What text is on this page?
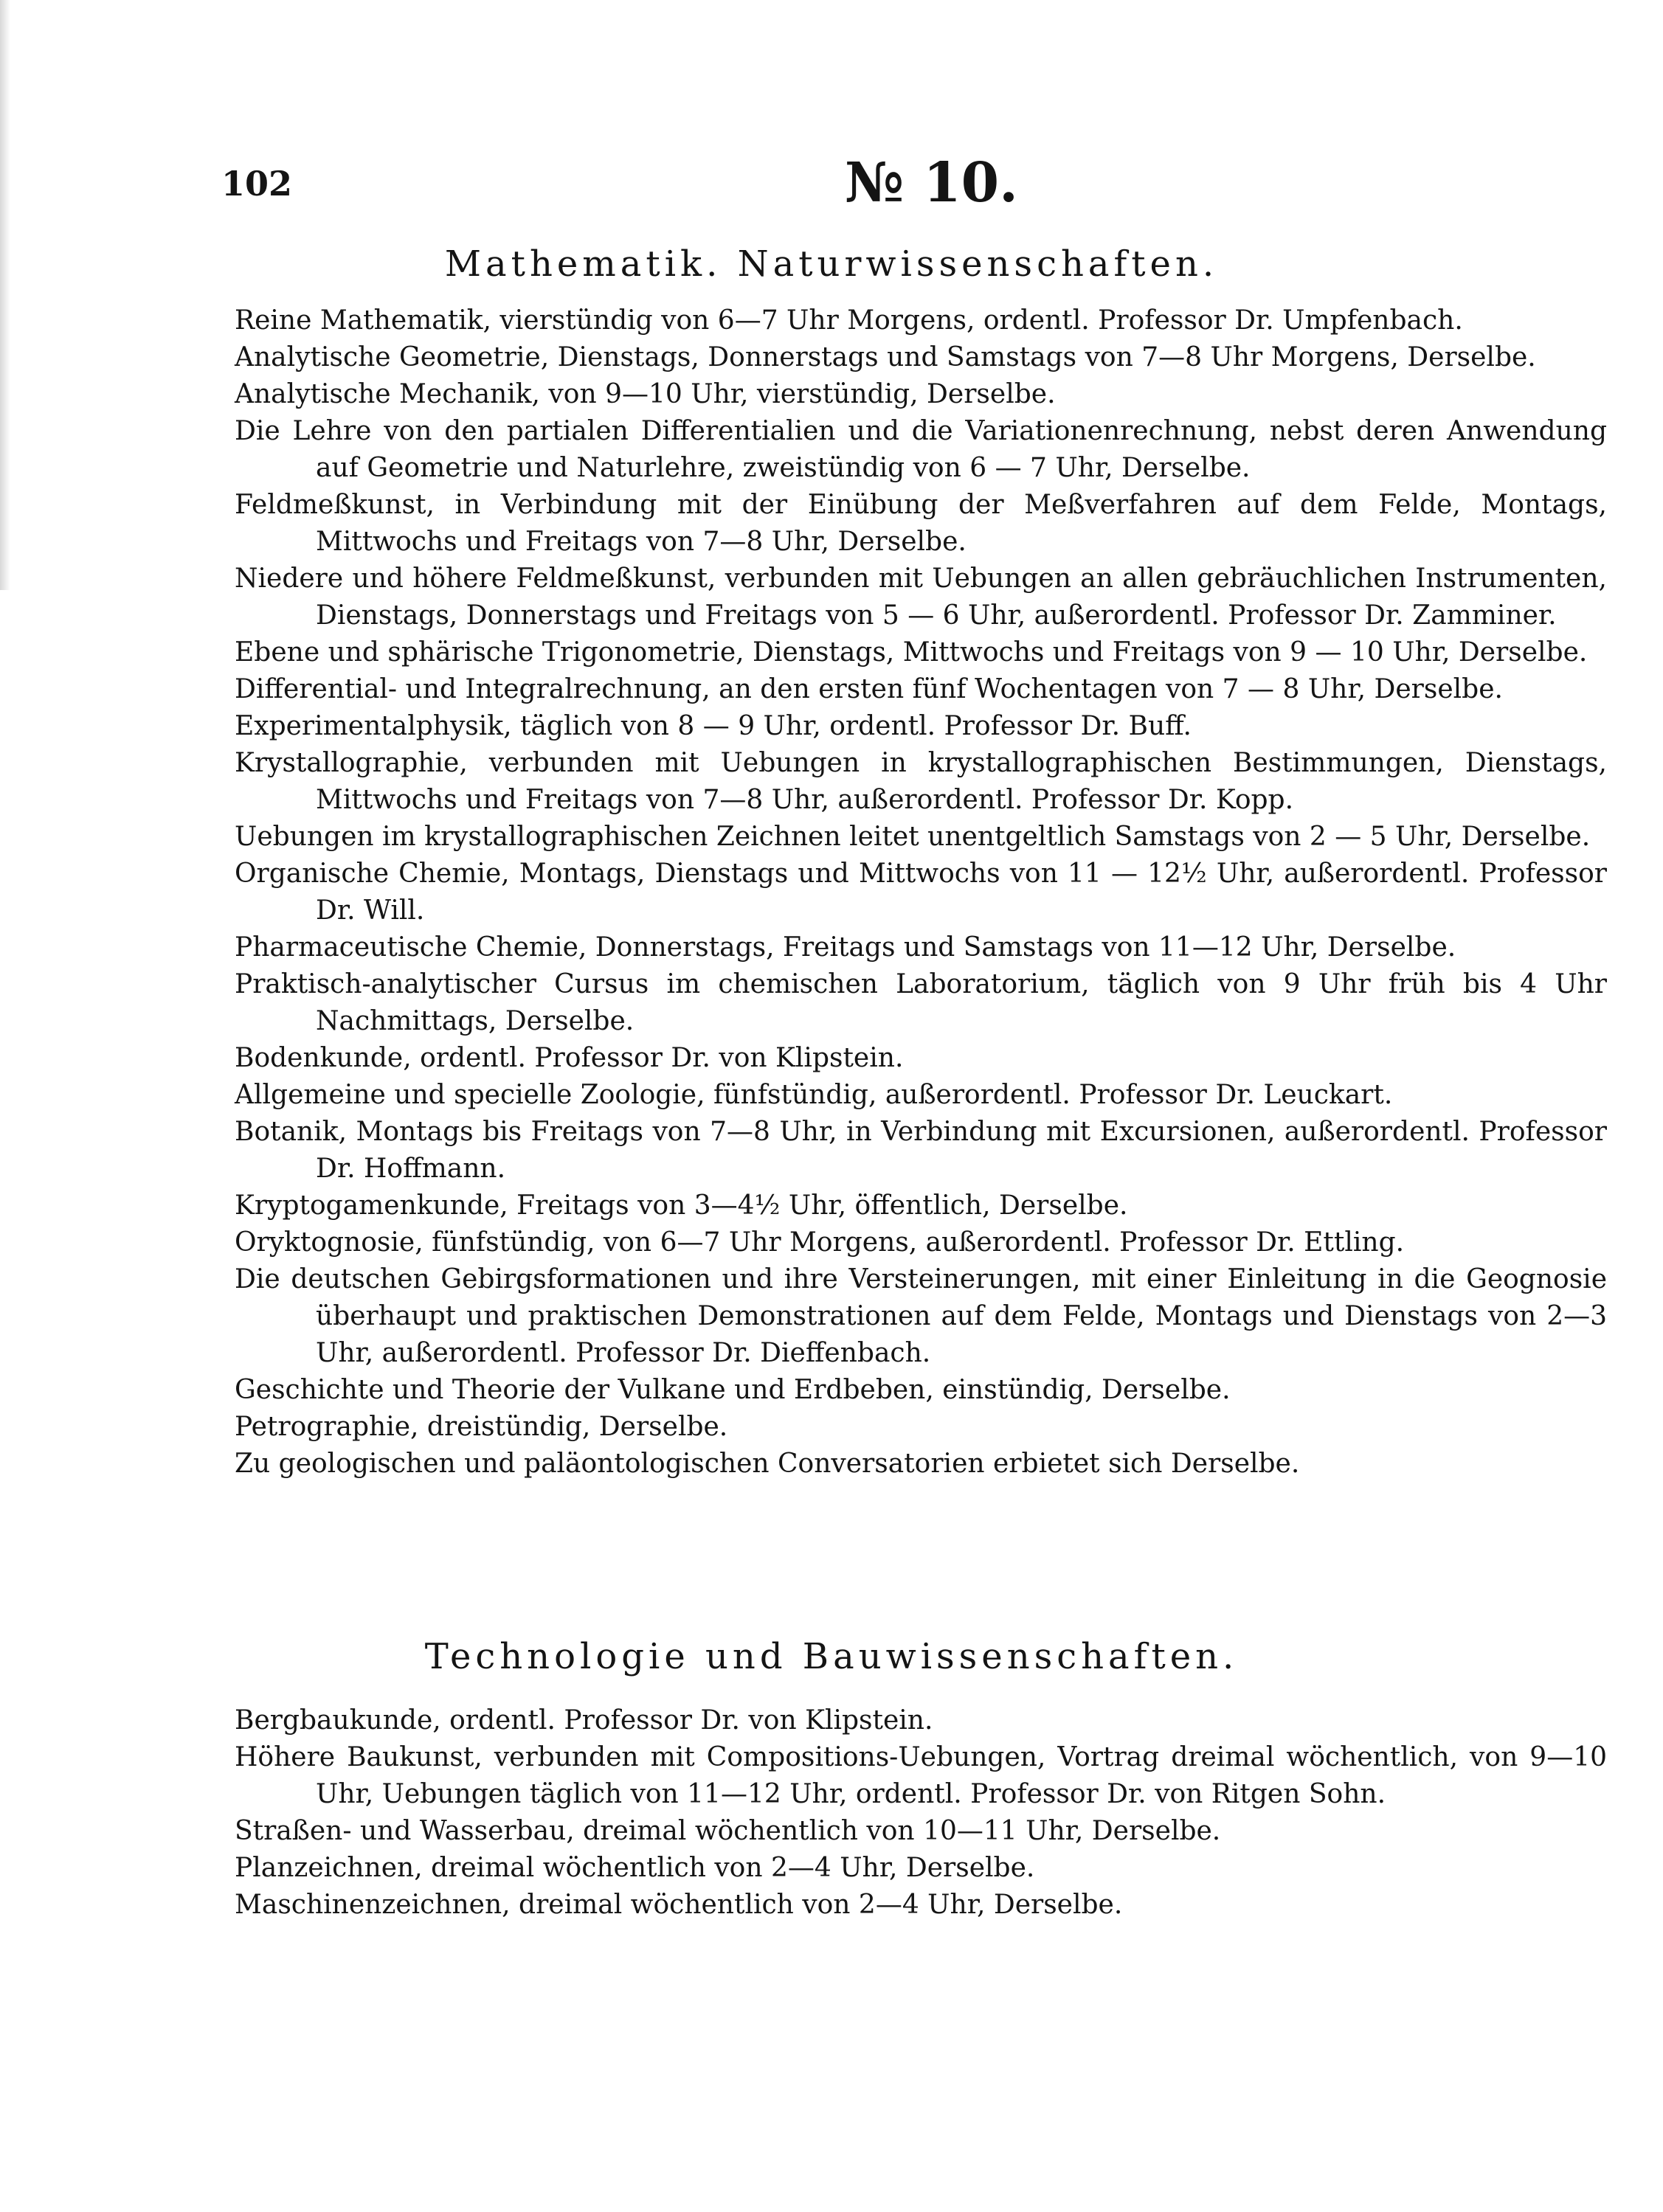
102	№ 10.
Mathematik. Naturwissenschaften.
Reine Mathematik, vierstündig von 6—7 Uhr Morgens, ordentl. Professor Dr. Umpfenbach.
Analytische Geometrie, Dienstags, Donnerstags und Samstags von 7—8 Uhr Morgens, Derselbe.
Analytische Mechanik, von 9—10 Uhr, vierstündig, Derselbe.
Die Lehre von den partialen Differentialien und die Variationenrechnung, nebst deren Anwendung auf Geometrie und Naturlehre, zweistündig von 6 — 7 Uhr, Derselbe.
Feldmeßkunst, in Verbindung mit der Einübung der Meßverfahren auf dem Felde, Montags, Mittwochs und Freitags von 7—8 Uhr, Derselbe.
Niedere und höhere Feldmeßkunst, verbunden mit Uebungen an allen gebräuchlichen Instrumenten, Dienstags, Donnerstags und Freitags von 5 — 6 Uhr, außerordentl. Professor Dr. Zamminer.
Ebene und sphärische Trigonometrie, Dienstags, Mittwochs und Freitags von 9 — 10 Uhr, Derselbe.
Differential- und Integralrechnung, an den ersten fünf Wochentagen von 7 — 8 Uhr, Derselbe.
Experimentalphysik, täglich von 8 — 9 Uhr, ordentl. Professor Dr. Buff.
Krystallographie, verbunden mit Uebungen in krystallographischen Bestimmungen, Dienstags, Mittwochs und Freitags von 7—8 Uhr, außerordentl. Professor Dr. Kopp.
Uebungen im krystallographischen Zeichnen leitet unentgeltlich Samstags von 2 — 5 Uhr, Derselbe.
Organische Chemie, Montags, Dienstags und Mittwochs von 11 — 12½ Uhr, außerordentl. Professor Dr. Will.
Pharmaceutische Chemie, Donnerstags, Freitags und Samstags von 11—12 Uhr, Derselbe.
Praktisch-analytischer Cursus im chemischen Laboratorium, täglich von 9 Uhr früh bis 4 Uhr Nachmittags, Derselbe.
Bodenkunde, ordentl. Professor Dr. von Klipstein.
Allgemeine und specielle Zoologie, fünfstündig, außerordentl. Professor Dr. Leuckart.
Botanik, Montags bis Freitags von 7—8 Uhr, in Verbindung mit Excursionen, außerordentl. Professor Dr. Hoffmann.
Kryptogamenkunde, Freitags von 3—4½ Uhr, öffentlich, Derselbe.
Oryktognosie, fünfstündig, von 6—7 Uhr Morgens, außerordentl. Professor Dr. Ettling.
Die deutschen Gebirgsformationen und ihre Versteinerungen, mit einer Einleitung in die Geognosie überhaupt und praktischen Demonstrationen auf dem Felde, Montags und Dienstags von 2—3 Uhr, außerordentl. Professor Dr. Dieffenbach.
Geschichte und Theorie der Vulkane und Erdbeben, einstündig, Derselbe.
Petrographie, dreistündig, Derselbe.
Zu geologischen und paläontologischen Conversatorien erbietet sich Derselbe.
Technologie und Bauwissenschaften.
Bergbaukunde, ordentl. Professor Dr. von Klipstein.
Höhere Baukunst, verbunden mit Compositions-Uebungen, Vortrag dreimal wöchentlich, von 9—10 Uhr, Uebungen täglich von 11—12 Uhr, ordentl. Professor Dr. von Ritgen Sohn.
Straßen- und Wasserbau, dreimal wöchentlich von 10—11 Uhr, Derselbe.
Planzeichnen, dreimal wöchentlich von 2—4 Uhr, Derselbe.
Maschinenzeichnen, dreimal wöchentlich von 2—4 Uhr, Derselbe.
